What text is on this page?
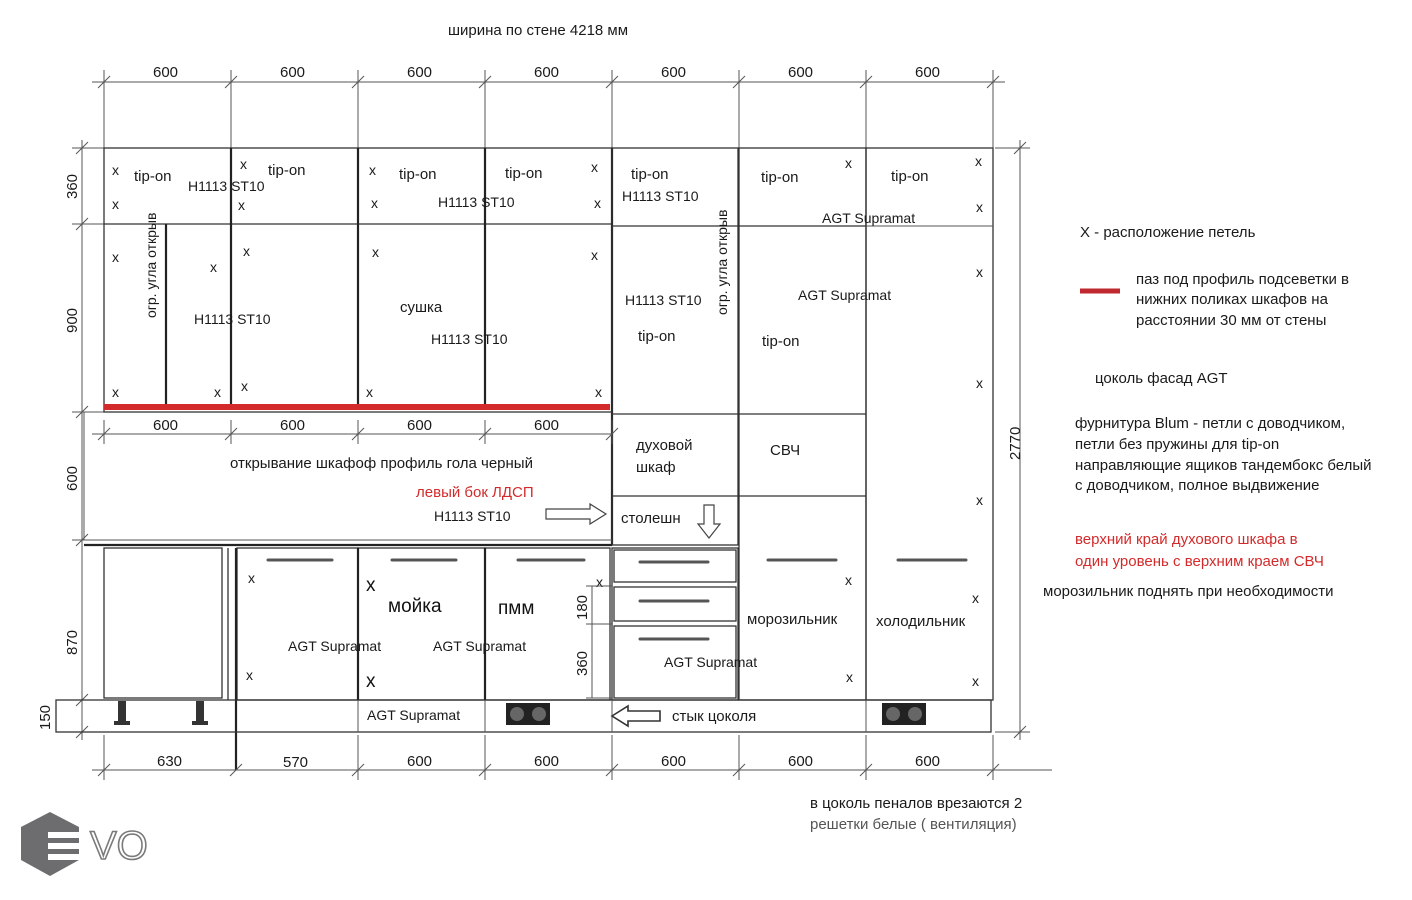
ширина по стене 4218 мм
600	600	600	600	600	600	600
360
900
600
870
150
2770
tip-on	tip-on	tip-on	tip-on	tip-on	tip-on	tip-on
tip-on	tip-on
H1113 ST10
H1113 ST10	H1113 ST10
H1113 ST10
H1113 ST10
H1113 ST10
огр. угла открыв	огр. угла открыв
сушка
AGT Supramat
AGT Supramat
x
x
x
x
x
x
x
x
x	x
x
x
x
x	x	x
x
x
x
x	x x	x	x
x
x
x	x
x
x
x
x
x
600	600	600	600
открывание шкафоф профиль гола черный
левый бок ЛДСП
H1113 ST10
духовой
шкаф
столешн
СВЧ
180
360
мойка	пмм
AGT Supramat	AGT Supramat
AGT Supramat
морозильник	холодильник
AGT Supramat	стык цоколя
630	570	600	600	600	600	600
Х - расположение петель
паз под профиль подсеветки в
нижних поликах шкафов на
расстоянии 30 мм от стены
цоколь фасад AGT
фурнитура Blum - петли с доводчиком,
петли без пружины для tip-on
направляющие ящиков тандембокс белый
с доводчиком, полное выдвижение
верхний край духового шкафа в
один уровень с верхним краем СВЧ
морозильник поднять при необходимости
в цоколь пеналов врезаются 2
решетки белые ( вентиляция)
VO
